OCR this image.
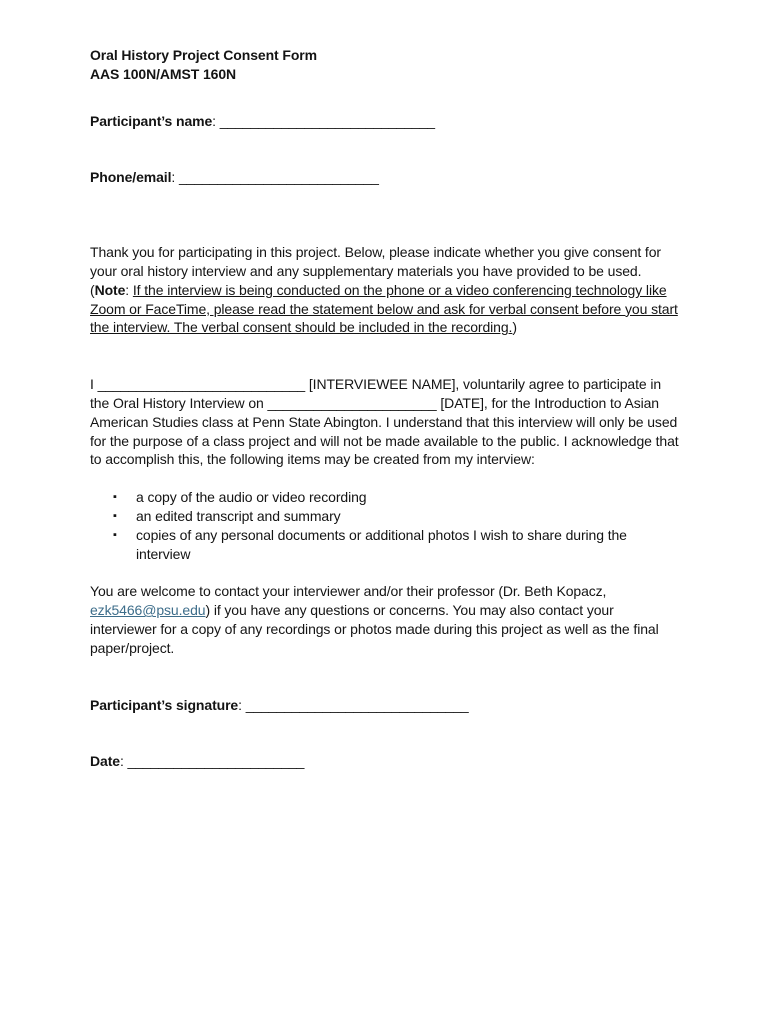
Oral History Project Consent Form
AAS 100N/AMST 160N

Participant’s name: ____________________________

Phone/email: __________________________

Thank you for participating in this project. Below, please indicate whether you give consent for your oral history interview and any supplementary materials you have provided to be used. (Note: If the interview is being conducted on the phone or a video conferencing technology like Zoom or FaceTime, please read the statement below and ask for verbal consent before you start the interview. The verbal consent should be included in the recording.)

I ___________________________ [INTERVIEWEE NAME], voluntarily agree to participate in the Oral History Interview on ______________________ [DATE], for the Introduction to Asian American Studies class at Penn State Abington. I understand that this interview will only be used for the purpose of a class project and will not be made available to the public. I acknowledge that to accomplish this, the following items may be created from my interview:

▪ a copy of the audio or video recording
▪ an edited transcript and summary
▪ copies of any personal documents or additional photos I wish to share during the interview

You are welcome to contact your interviewer and/or their professor (Dr. Beth Kopacz, ezk5466@psu.edu) if you have any questions or concerns. You may also contact your interviewer for a copy of any recordings or photos made during this project as well as the final paper/project.

Participant’s signature: _____________________________

Date: _______________________
